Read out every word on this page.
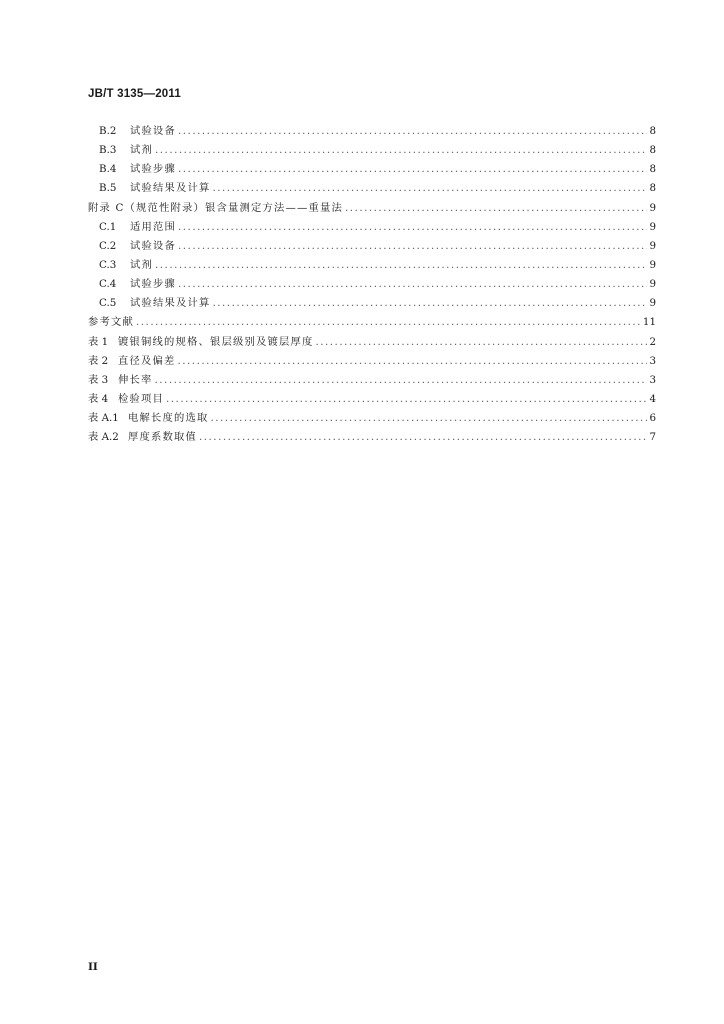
JB/T 3135—2011
B.2	试验设备 .....	8
B.3	试剂 .....	8
B.4	试验步骤 .....	8
B.5	试验结果及计算 .....	8
附录 C（规范性附录）银含量测定方法——重量法 .....	9
C.1	适用范围 .....	9
C.2	试验设备 .....	9
C.3	试剂 .....	9
C.4	试验步骤 .....	9
C.5	试验结果及计算 .....	9
参考文献 .....	11
表 1 镀银铜线的规格、银层级别及镀层厚度 .....	2
表 2 直径及偏差 .....	3
表 3 伸长率 .....	3
表 4 检验项目 .....	4
表 A.1 电解长度的选取 .....	6
表 A.2 厚度系数取值 .....	7
II
